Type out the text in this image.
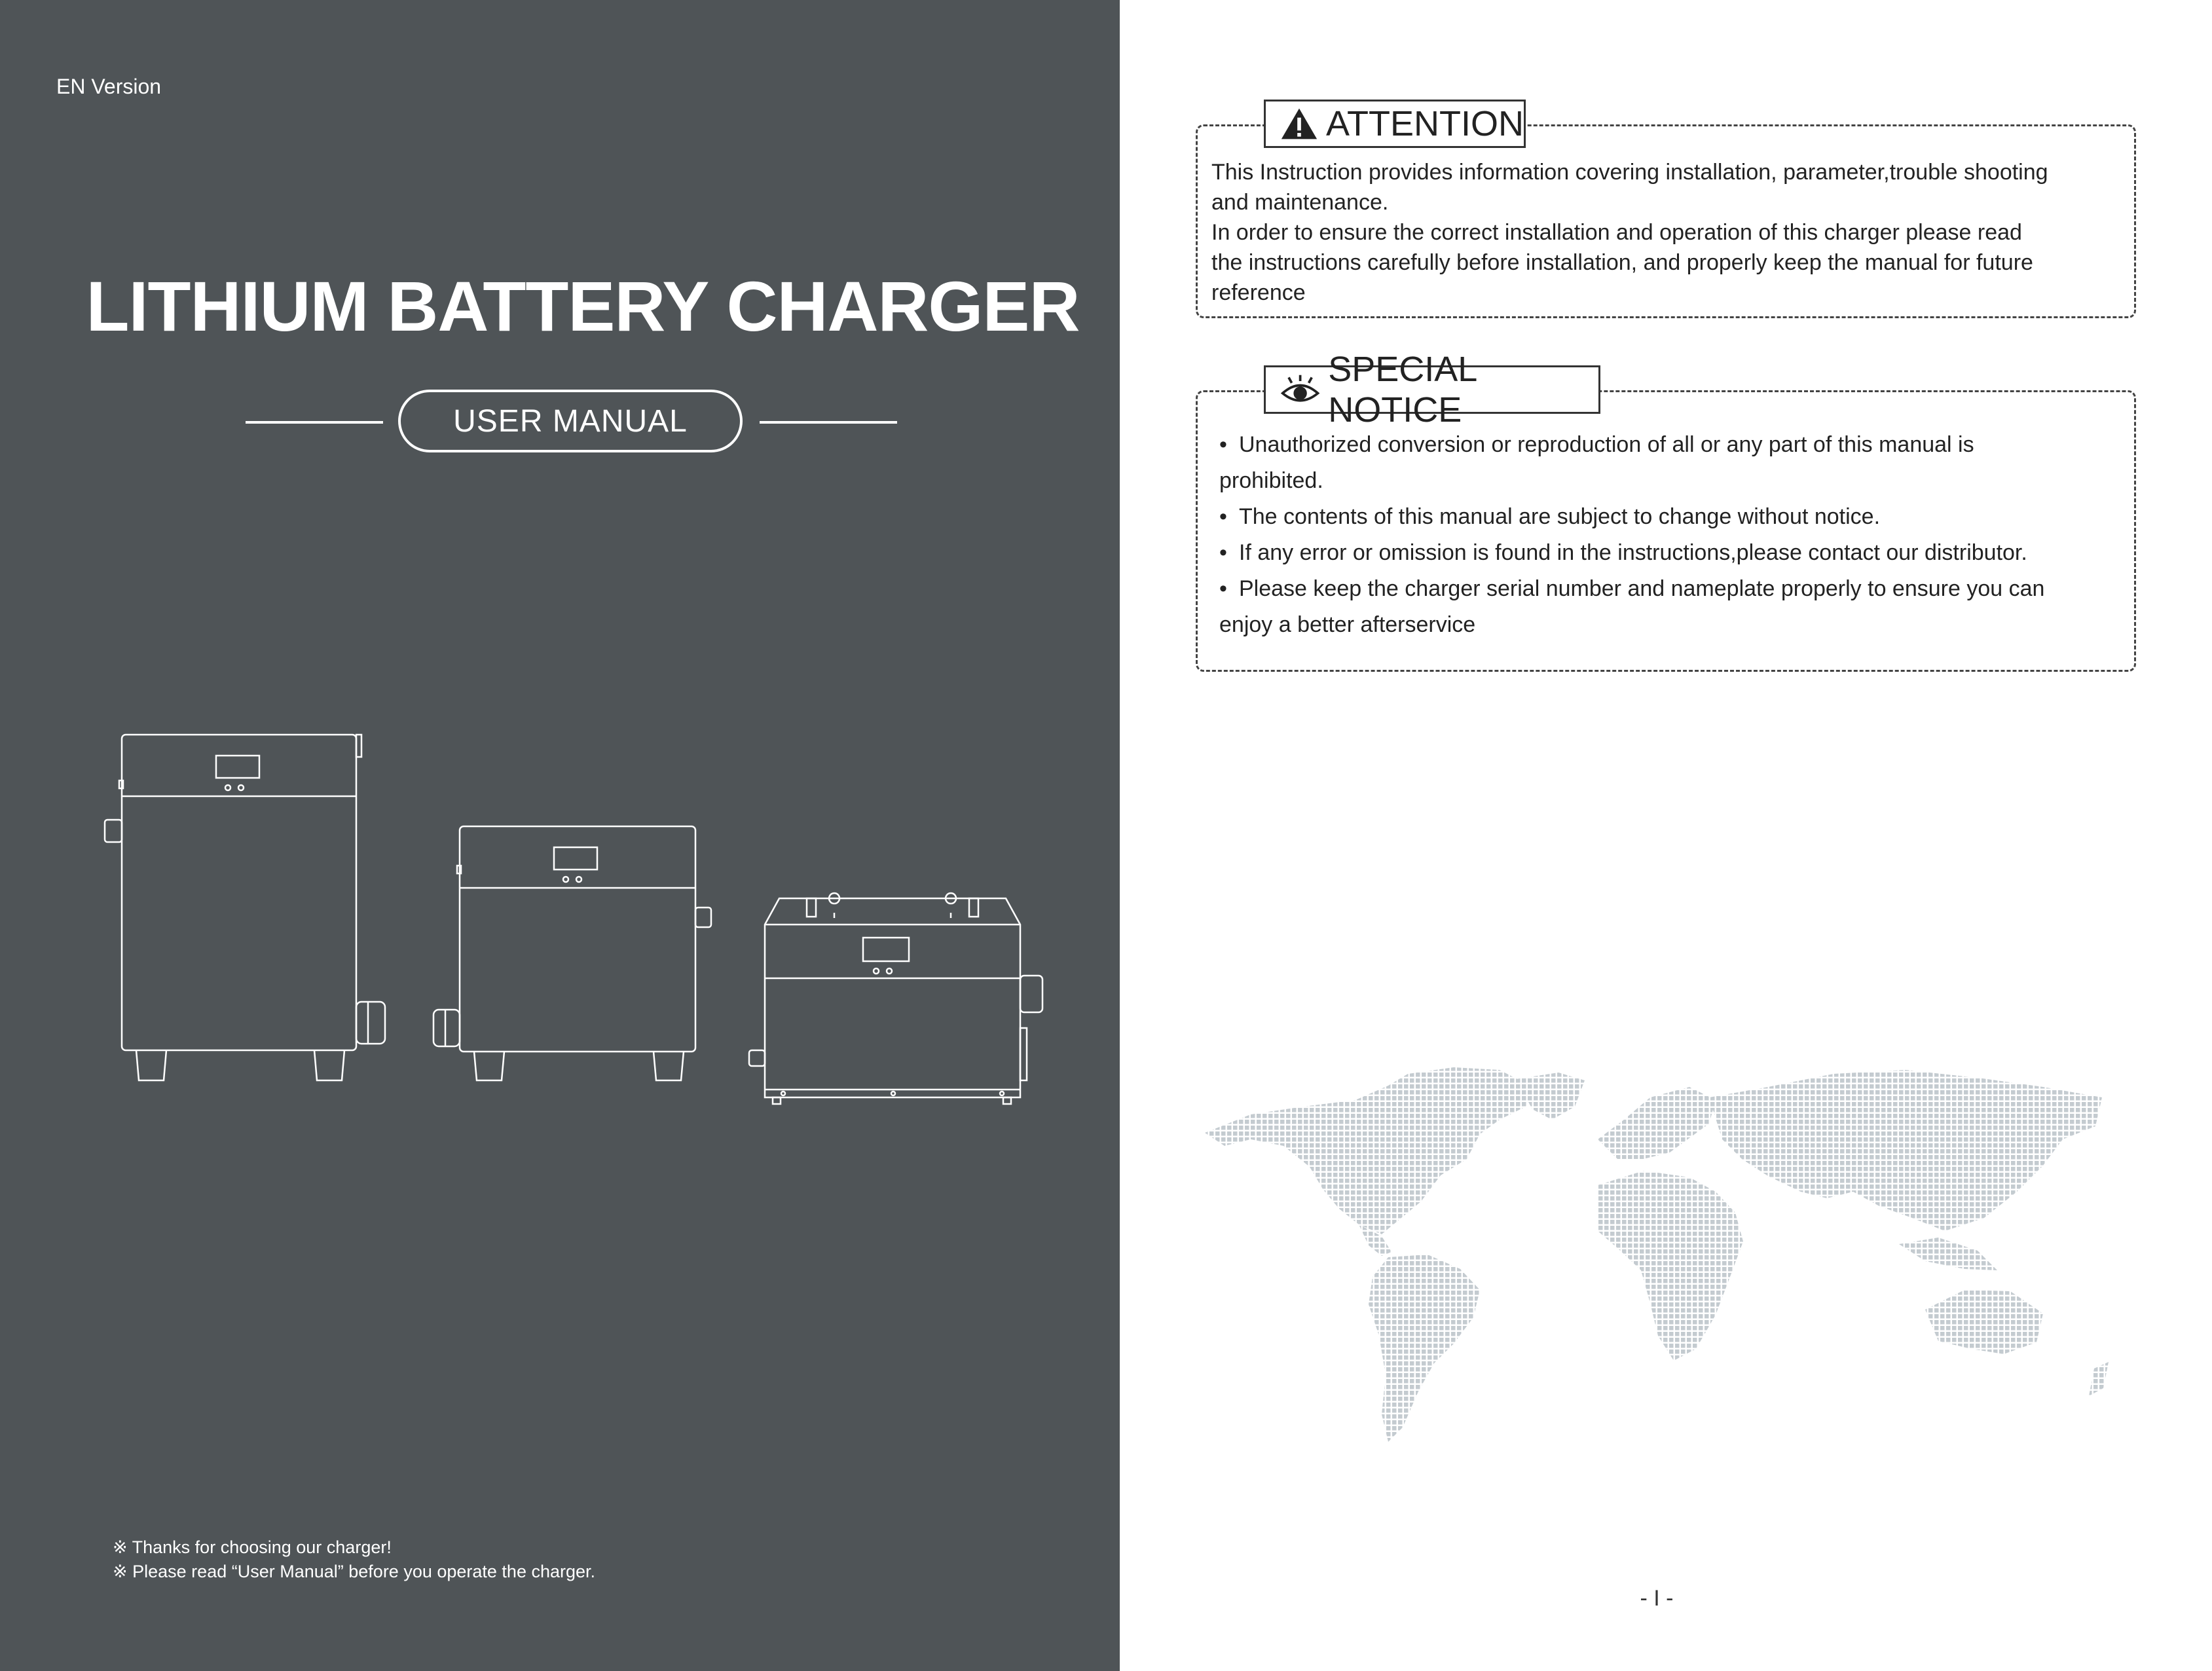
EN Version
LITHIUM BATTERY CHARGER
USER MANUAL
※ Thanks for choosing our charger!
※ Please read “User Manual” before you operate the charger.
ATTENTION
This Instruction provides information covering installation, parameter,trouble shooting
and maintenance.
In order to ensure the correct installation and operation of this charger please read
the instructions carefully before installation, and properly keep the manual for future
reference
SPECIAL NOTICE
• Unauthorized conversion or reproduction of all or any part of this manual is
prohibited.
• The contents of this manual are subject to change without notice.
• If any error or omission is found in the instructions,please contact our distributor.
• Please keep the charger serial number and nameplate properly to ensure you can
enjoy a better afterservice
- I -
